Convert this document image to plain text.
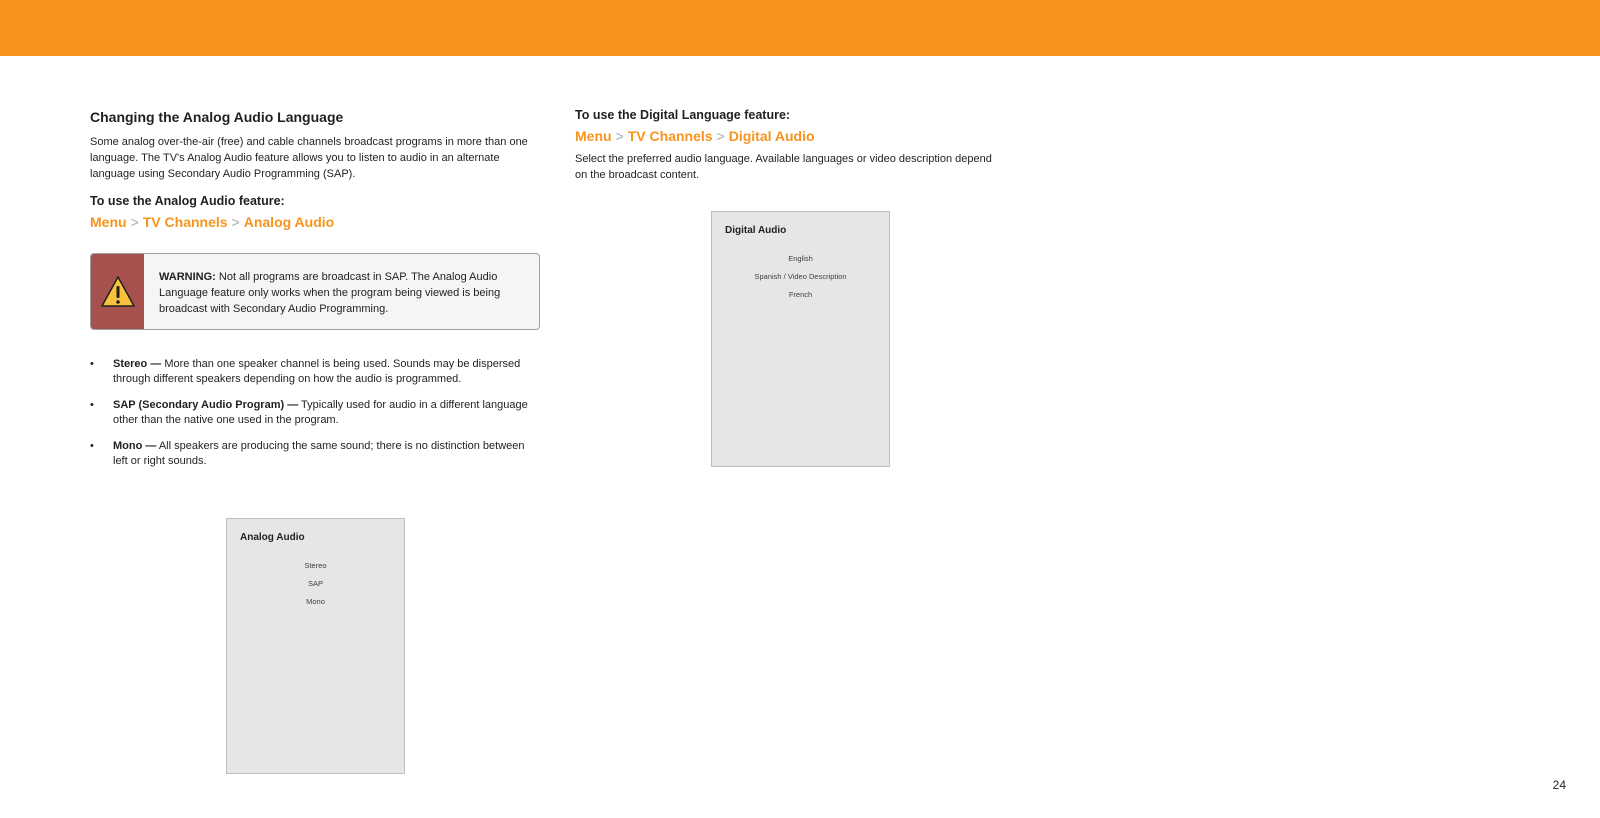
Changing the Analog Audio Language

Some analog over-the-air (free) and cable channels broadcast programs in more than one language. The TV's Analog Audio feature allows you to listen to audio in an alternate language using Secondary Audio Programming (SAP).

To use the Analog Audio feature:

Menu > TV Channels > Analog Audio

WARNING: Not all programs are broadcast in SAP. The Analog Audio Language feature only works when the program being viewed is being broadcast with Secondary Audio Programming.
• Stereo — More than one speaker channel is being used. Sounds may be dispersed through different speakers depending on how the audio is programmed.
• SAP (Secondary Audio Program) — Typically used for audio in a different language other than the native one used in the program.
• Mono — All speakers are producing the same sound; there is no distinction between left or right sounds.
Analog Audio
Stereo
SAP
Mono
To use the Digital Language feature:

Menu > TV Channels > Digital Audio

Select the preferred audio language. Available languages or video description depend on the broadcast content.

Digital Audio
English
Spanish / Video Description
French
24
